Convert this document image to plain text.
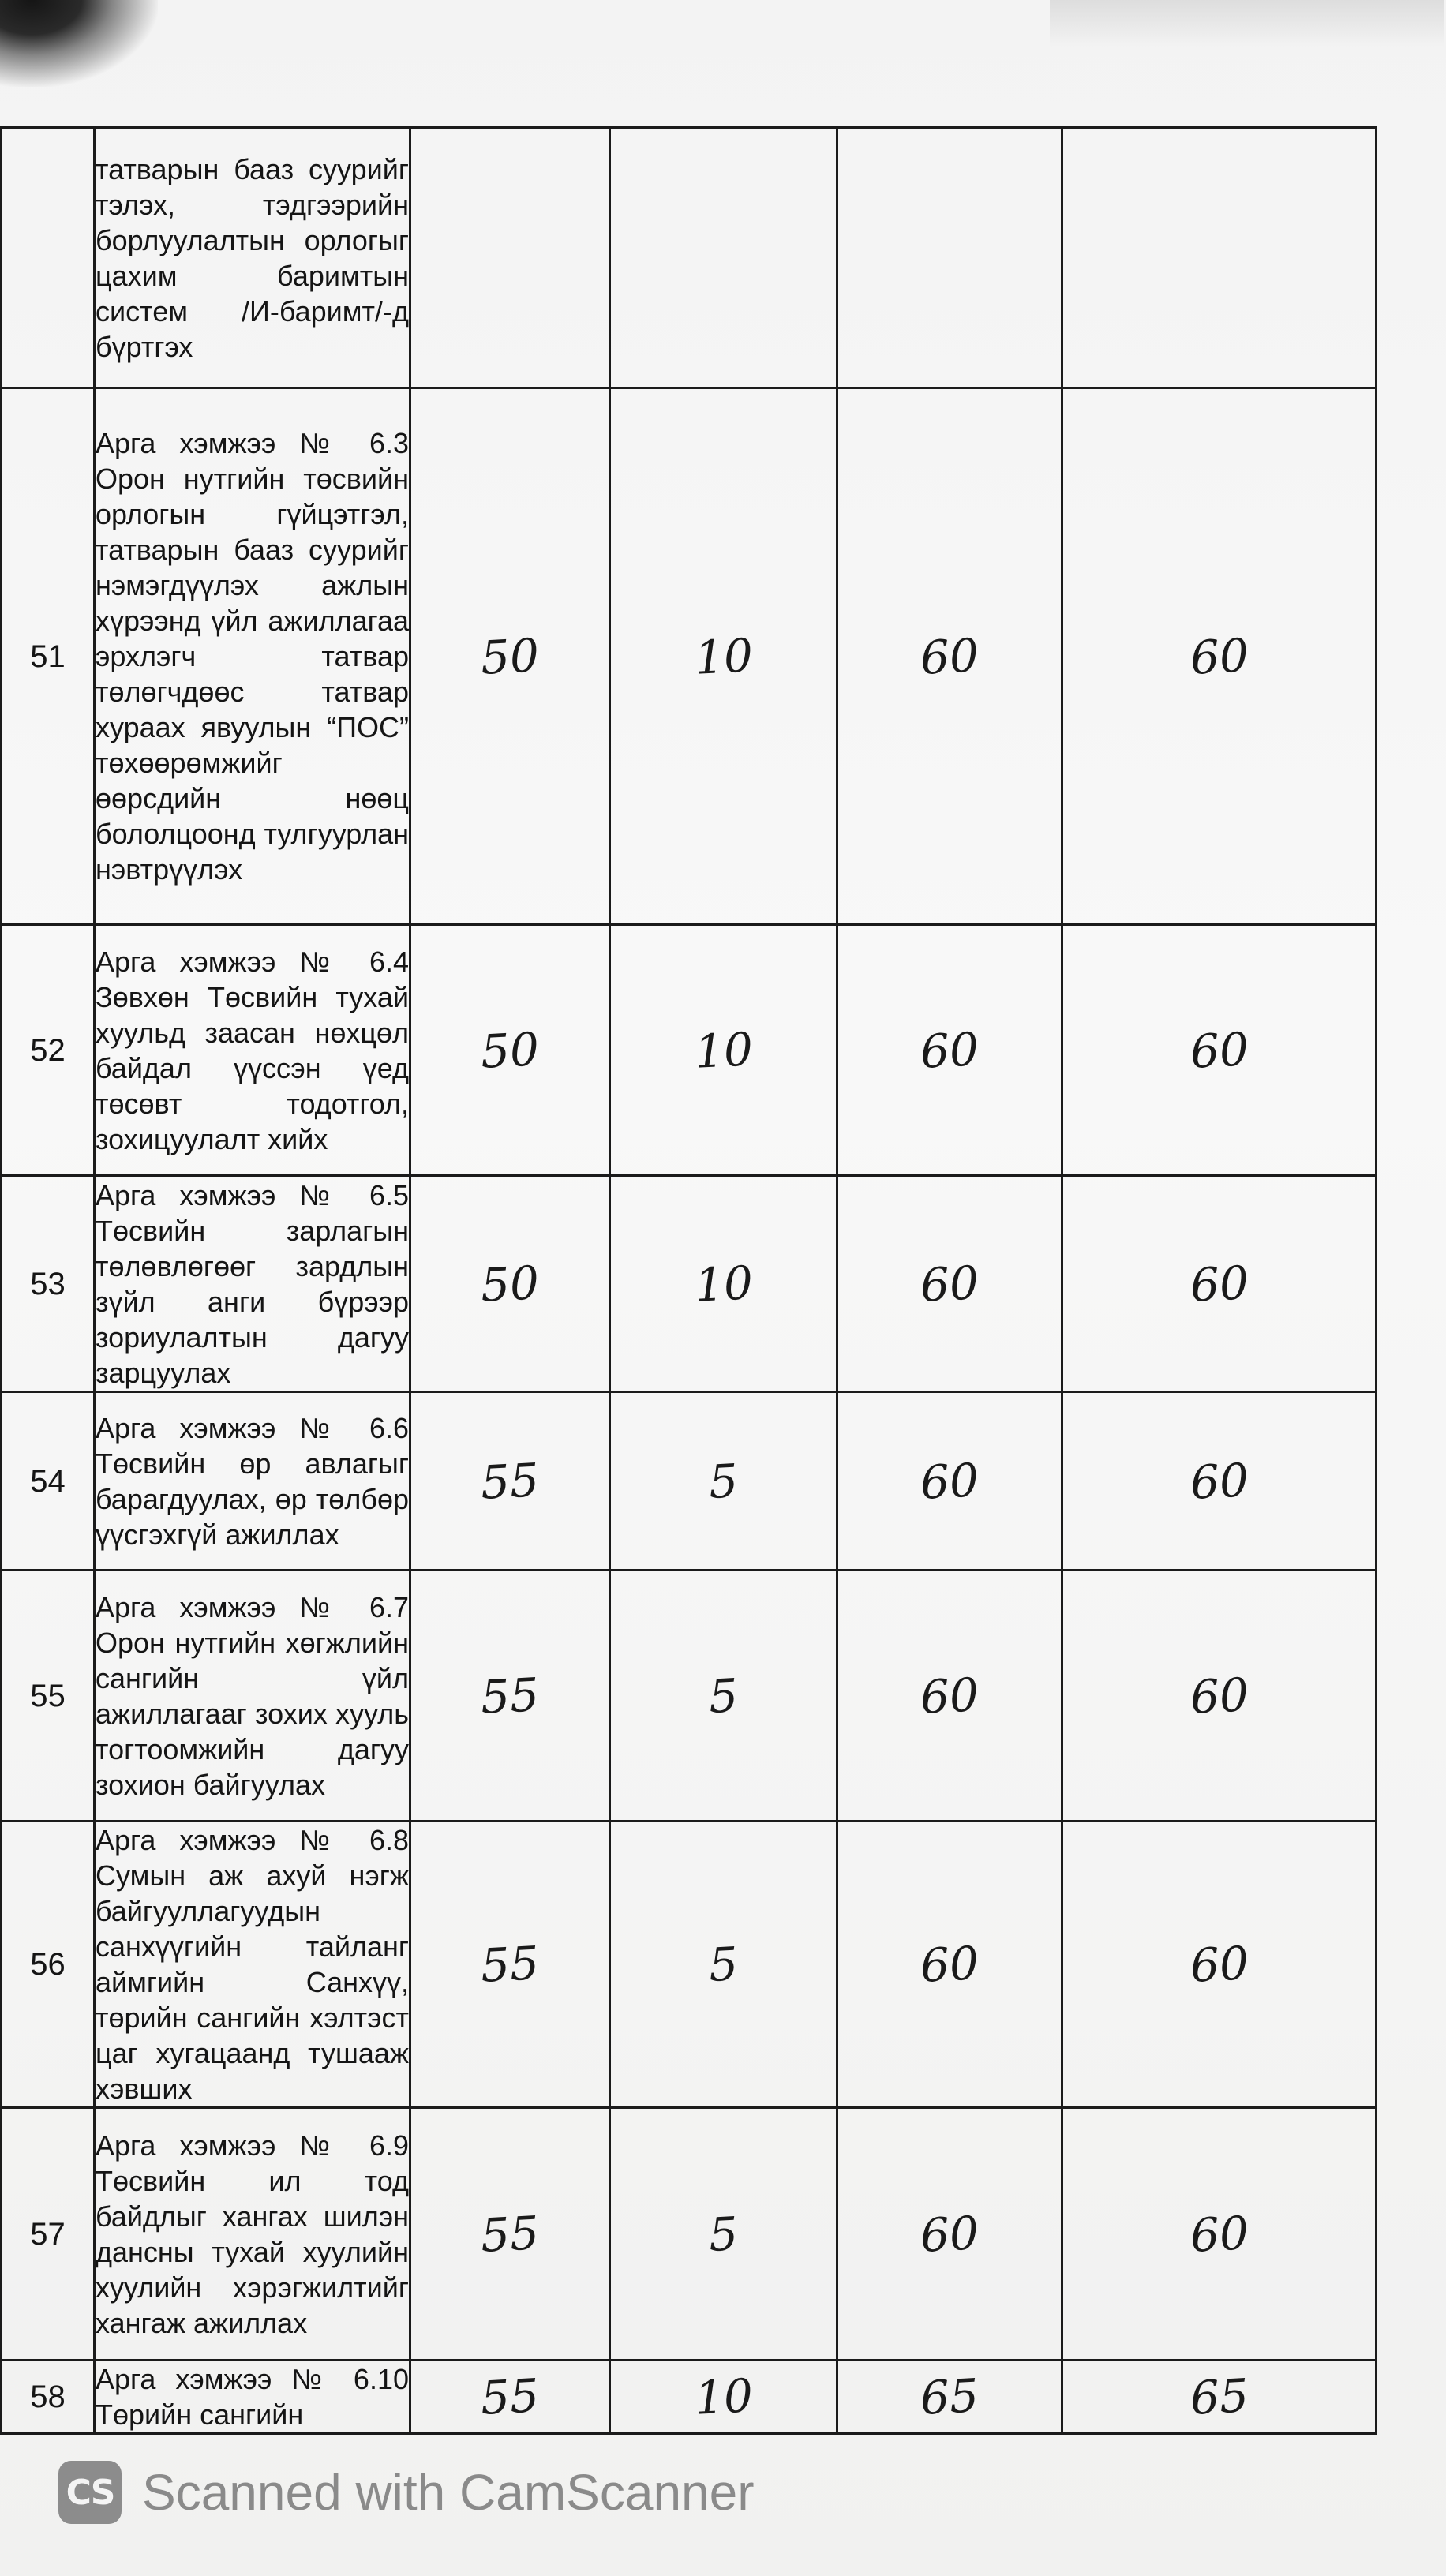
	татварын бааз суурийг тэлэх, тэдгээрийн борлуулалтын орлогыг цахим баримтын систем /И-баримт/-д бүртгэх				
51	Арга хэмжээ № 6.3 Орон нутгийн төсвийн орлогын гүйцэтгэл, татварын бааз суурийг нэмэгдүүлэх ажлын хүрээнд үйл ажиллагаа эрхлэгч татвар төлөгчдөөс татвар хураах явуулын “ПОС” төхөөрөмжийг өөрсдийн нөөц бололцоонд тулгуурлан нэвтрүүлэх	50	10	60	60
52	Арга хэмжээ № 6.4 Зөвхөн Төсвийн тухай хуульд заасан нөхцөл байдал үүссэн үед төсөвт тодотгол, зохицуулалт хийх	50	10	60	60
53	Арга хэмжээ № 6.5 Төсвийн зарлагын төлөвлөгөөг зардлын зүйл анги бүрээр зориулалтын дагуу зарцуулах	50	10	60	60
54	Арга хэмжээ № 6.6 Төсвийн өр авлагыг барагдуулах, өр төлбөр үүсгэхгүй ажиллах	55	5	60	60
55	Арга хэмжээ № 6.7 Орон нутгийн хөгжлийн сангийн үйл ажиллагааг зохих хууль тогтоомжийн дагуу зохион байгуулах	55	5	60	60
56	Арга хэмжээ № 6.8 Сумын аж ахуй нэгж байгууллагуудын санхүүгийн тайланг аймгийн Санхүү, төрийн сангийн хэлтэст цаг хугацаанд тушааж хэвших	55	5	60	60
57	Арга хэмжээ № 6.9 Төсвийн ил тод байдлыг хангах шилэн дансны тухай хуулийн хуулийн хэрэгжилтийг хангаж ажиллах	55	5	60	60
58	Арга хэмжээ № 6.10 Төрийн сангийн	55	10	65	65
CS Scanned with CamScanner
